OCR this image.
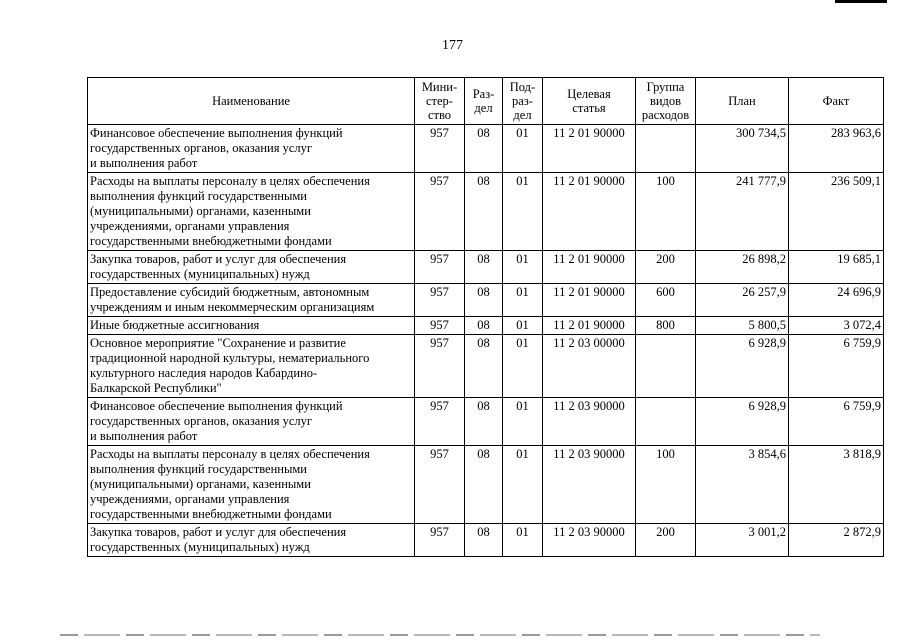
177
Наименование	Мини-
стер-
ство	Раз-
дел	Под-
раз-
дел	Целевая
статья	Группа
видов
расходов	План	Факт
Финансовое обеспечение выполнения функций
государственных органов, оказания услуг
и выполнения работ	957	08	01	11 2 01 90000		300 734,5	283 963,6
Расходы на выплаты персоналу в целях обеспечения
выполнения функций государственными
(муниципальными) органами, казенными
учреждениями, органами управления
государственными внебюджетными фондами	957	08	01	11 2 01 90000	100	241 777,9	236 509,1
Закупка товаров, работ и услуг для обеспечения
государственных (муниципальных) нужд	957	08	01	11 2 01 90000	200	26 898,2	19 685,1
Предоставление субсидий бюджетным, автономным
учреждениям и иным некоммерческим организациям	957	08	01	11 2 01 90000	600	26 257,9	24 696,9
Иные бюджетные ассигнования	957	08	01	11 2 01 90000	800	5 800,5	3 072,4
Основное мероприятие "Сохранение и развитие
традиционной народной культуры, нематериального
культурного наследия народов Кабардино-
Балкарской Республики"	957	08	01	11 2 03 00000		6 928,9	6 759,9
Финансовое обеспечение выполнения функций
государственных органов, оказания услуг
и выполнения работ	957	08	01	11 2 03 90000		6 928,9	6 759,9
Расходы на выплаты персоналу в целях обеспечения
выполнения функций государственными
(муниципальными) органами, казенными
учреждениями, органами управления
государственными внебюджетными фондами	957	08	01	11 2 03 90000	100	3 854,6	3 818,9
Закупка товаров, работ и услуг для обеспечения
государственных (муниципальных) нужд	957	08	01	11 2 03 90000	200	3 001,2	2 872,9
